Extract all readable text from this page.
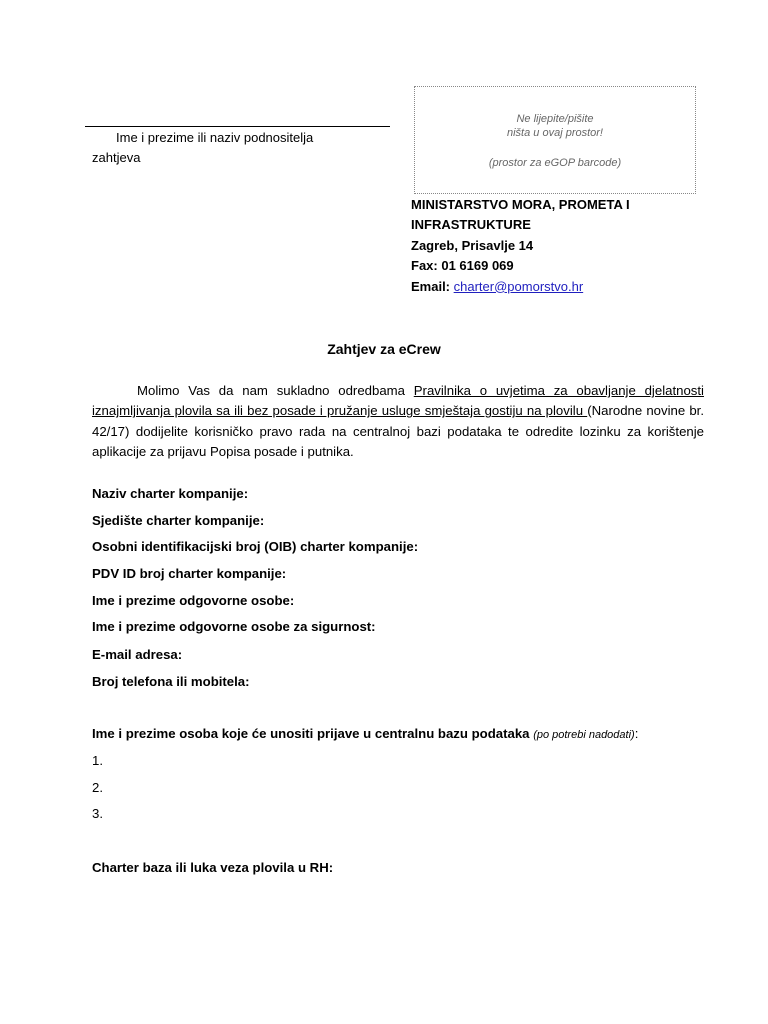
Ime i prezime ili naziv podnositelja
zahtjeva
Ne lijepite/pišite
ništa u ovaj prostor!
(prostor za eGOP barcode)
MINISTARSTVO MORA, PROMETA I
INFRASTRUKTURE
Zagreb, Prisavlje 14
Fax: 01 6169 069
Email: charter@pomorstvo.hr
Zahtjev za eCrew
Molimo Vas da nam sukladno odredbama Pravilnika o uvjetima za obavljanje djelatnosti iznajmljivanja plovila sa ili bez posade i pružanje usluge smještaja gostiju na plovilu (Narodne novine br. 42/17) dodijelite korisničko pravo rada na centralnoj bazi podataka te odredite lozinku za korištenje aplikacije za prijavu Popisa posade i putnika.
Naziv charter kompanije:
Sjedište charter kompanije:
Osobni identifikacijski broj (OIB) charter kompanije:
PDV ID broj charter kompanije:
Ime i prezime odgovorne osobe:
Ime i prezime odgovorne osobe za sigurnost:
E-mail adresa:
Broj telefona ili mobitela:
Ime i prezime osoba koje će unositi prijave u centralnu bazu podataka (po potrebi nadodati):
1.
2.
3.
Charter baza ili luka veza plovila u RH:
